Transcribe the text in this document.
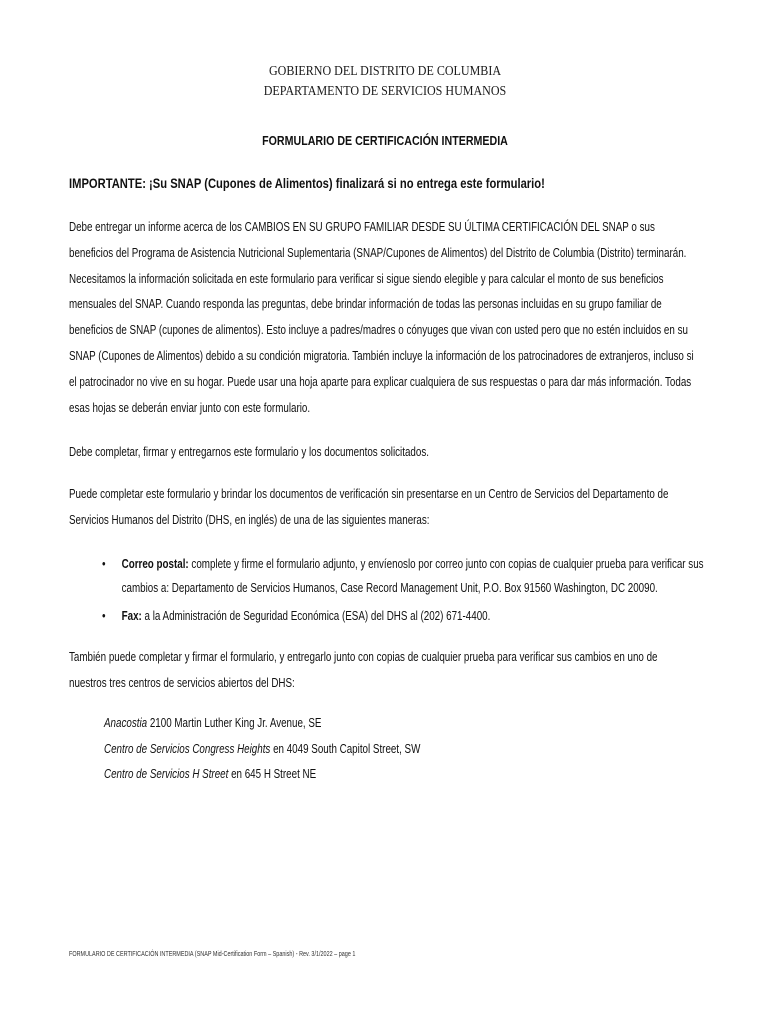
GOBIERNO DEL DISTRITO DE COLUMBIA
DEPARTAMENTO DE SERVICIOS HUMANOS
FORMULARIO DE CERTIFICACIÓN INTERMEDIA
IMPORTANTE: ¡Su SNAP (Cupones de Alimentos) finalizará si no entrega este formulario!
Debe entregar un informe acerca de los CAMBIOS EN SU GRUPO FAMILIAR DESDE SU ÚLTIMA CERTIFICACIÓN DEL SNAP o sus beneficios del Programa de Asistencia Nutricional Suplementaria (SNAP/Cupones de Alimentos) del Distrito de Columbia (Distrito) terminarán. Necesitamos la información solicitada en este formulario para verificar si sigue siendo elegible y para calcular el monto de sus beneficios mensuales del SNAP. Cuando responda las preguntas, debe brindar información de todas las personas incluidas en su grupo familiar de beneficios de SNAP (cupones de alimentos). Esto incluye a padres/madres o cónyuges que vivan con usted pero que no estén incluidos en su SNAP (Cupones de Alimentos) debido a su condición migratoria. También incluye la información de los patrocinadores de extranjeros, incluso si el patrocinador no vive en su hogar. Puede usar una hoja aparte para explicar cualquiera de sus respuestas o para dar más información. Todas esas hojas se deberán enviar junto con este formulario.
Debe completar, firmar y entregarnos este formulario y los documentos solicitados.
Puede completar este formulario y brindar los documentos de verificación sin presentarse en un Centro de Servicios del Departamento de Servicios Humanos del Distrito (DHS, en inglés) de una de las siguientes maneras:
• Correo postal: complete y firme el formulario adjunto, y envíenoslo por correo junto con copias de cualquier prueba para verificar sus cambios a: Departamento de Servicios Humanos, Case Record Management Unit, P.O. Box 91560 Washington, DC 20090.
• Fax: a la Administración de Seguridad Económica (ESA) del DHS al (202) 671-4400.
También puede completar y firmar el formulario, y entregarlo junto con copias de cualquier prueba para verificar sus cambios en uno de nuestros tres centros de servicios abiertos del DHS:
Anacostia 2100 Martin Luther King Jr. Avenue, SE
Centro de Servicios Congress Heights en 4049 South Capitol Street, SW
Centro de Servicios H Street en 645 H Street NE
FORMULARIO DE CERTIFICACIÓN INTERMEDIA (SNAP Mid-Certification Form – Spanish) - Rev. 3/1/2022 – page 1
